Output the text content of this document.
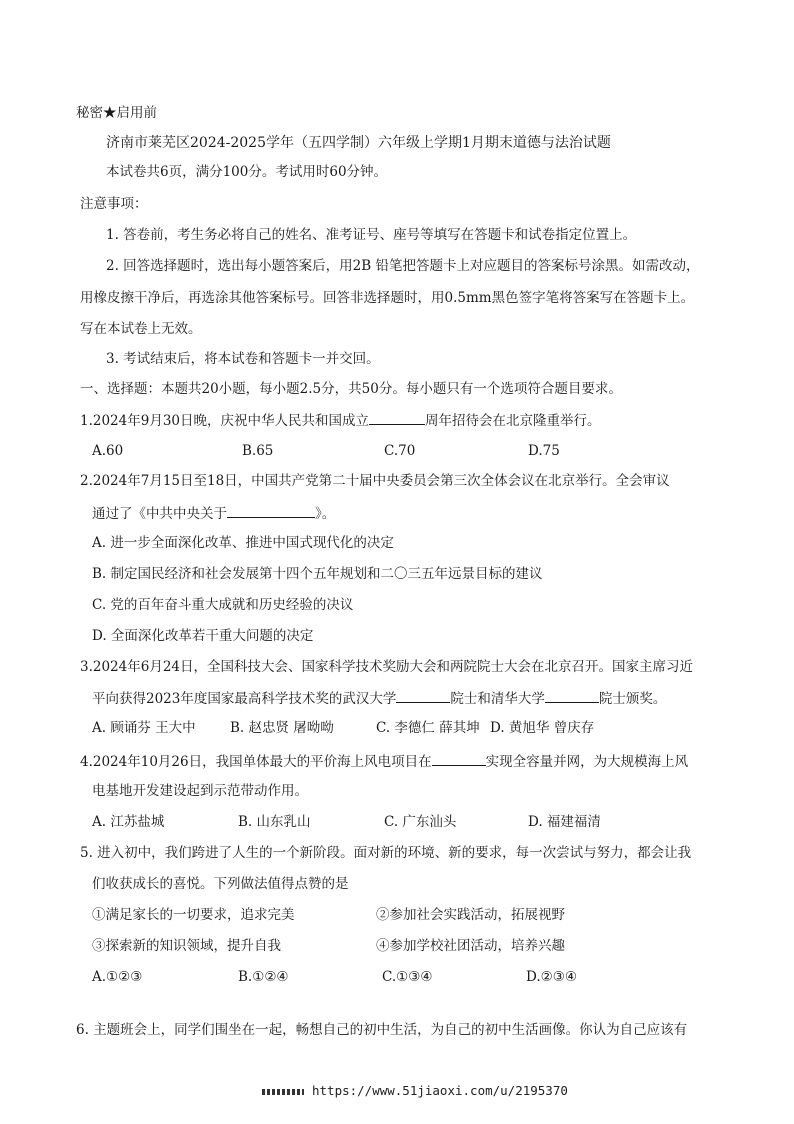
秘密★启用前
济南市莱芜区2024-2025学年（五四学制）六年级上学期1月期末道德与法治试题
本试卷共6页，满分100分。考试用时60分钟。
注意事项：
1. 答卷前，考生务必将自己的姓名、准考证号、座号等填写在答题卡和试卷指定位置上。
2. 回答选择题时，选出每小题答案后，用2B 铅笔把答题卡上对应题目的答案标号涂黑。如需改动，
用橡皮擦干净后，再选涂其他答案标号。回答非选择题时，用0.5mm黑色签字笔将答案写在答题卡上。
写在本试卷上无效。
3. 考试结束后，将本试卷和答题卡一并交回。
一、选择题：本题共20小题，每小题2.5分，共50分。每小题只有一个选项符合题目要求。
1.2024年9月30日晚，庆祝中华人民共和国成立	周年招待会在北京隆重举行。
A.60	B.65	C.70	D.75
2.2024年7月15日至18日，中国共产党第二十届中央委员会第三次全体会议在北京举行。全会审议
通过了《中共中央关于	》。
A. 进一步全面深化改革、推进中国式现代化的决定
B. 制定国民经济和社会发展第十四个五年规划和二〇三五年远景目标的建议
C. 党的百年奋斗重大成就和历史经验的决议
D. 全面深化改革若干重大问题的决定
3.2024年6月24日，全国科技大会、国家科学技术奖励大会和两院院士大会在北京召开。国家主席习近
平向获得2023年度国家最高科学技术奖的武汉大学	院士和清华大学	院士颁奖。
A. 顾诵芬 王大中	B. 赵忠贤 屠呦呦	C. 李德仁 薛其坤 D. 黄旭华 曾庆存
4.2024年10月26日，我国单体最大的平价海上风电项目在	实现全容量并网，为大规模海上风
电基地开发建设起到示范带动作用。
A. 江苏盐城	B. 山东乳山	C. 广东汕头	D. 福建福清
5. 进入初中，我们跨进了人生的一个新阶段。面对新的环境、新的要求，每一次尝试与努力，都会让我
们收获成长的喜悦。下列做法值得点赞的是
①满足家长的一切要求，追求完美	②参加社会实践活动，拓展视野
③探索新的知识领域，提升自我	④参加学校社团活动，培养兴趣
A.①②③	B.①②④	C.①③④	D.②③④
6. 主题班会上，同学们围坐在一起，畅想自己的初中生活，为自己的初中生活画像。你认为自己应该有
https://www.51jiaoxi.com/u/2195370
